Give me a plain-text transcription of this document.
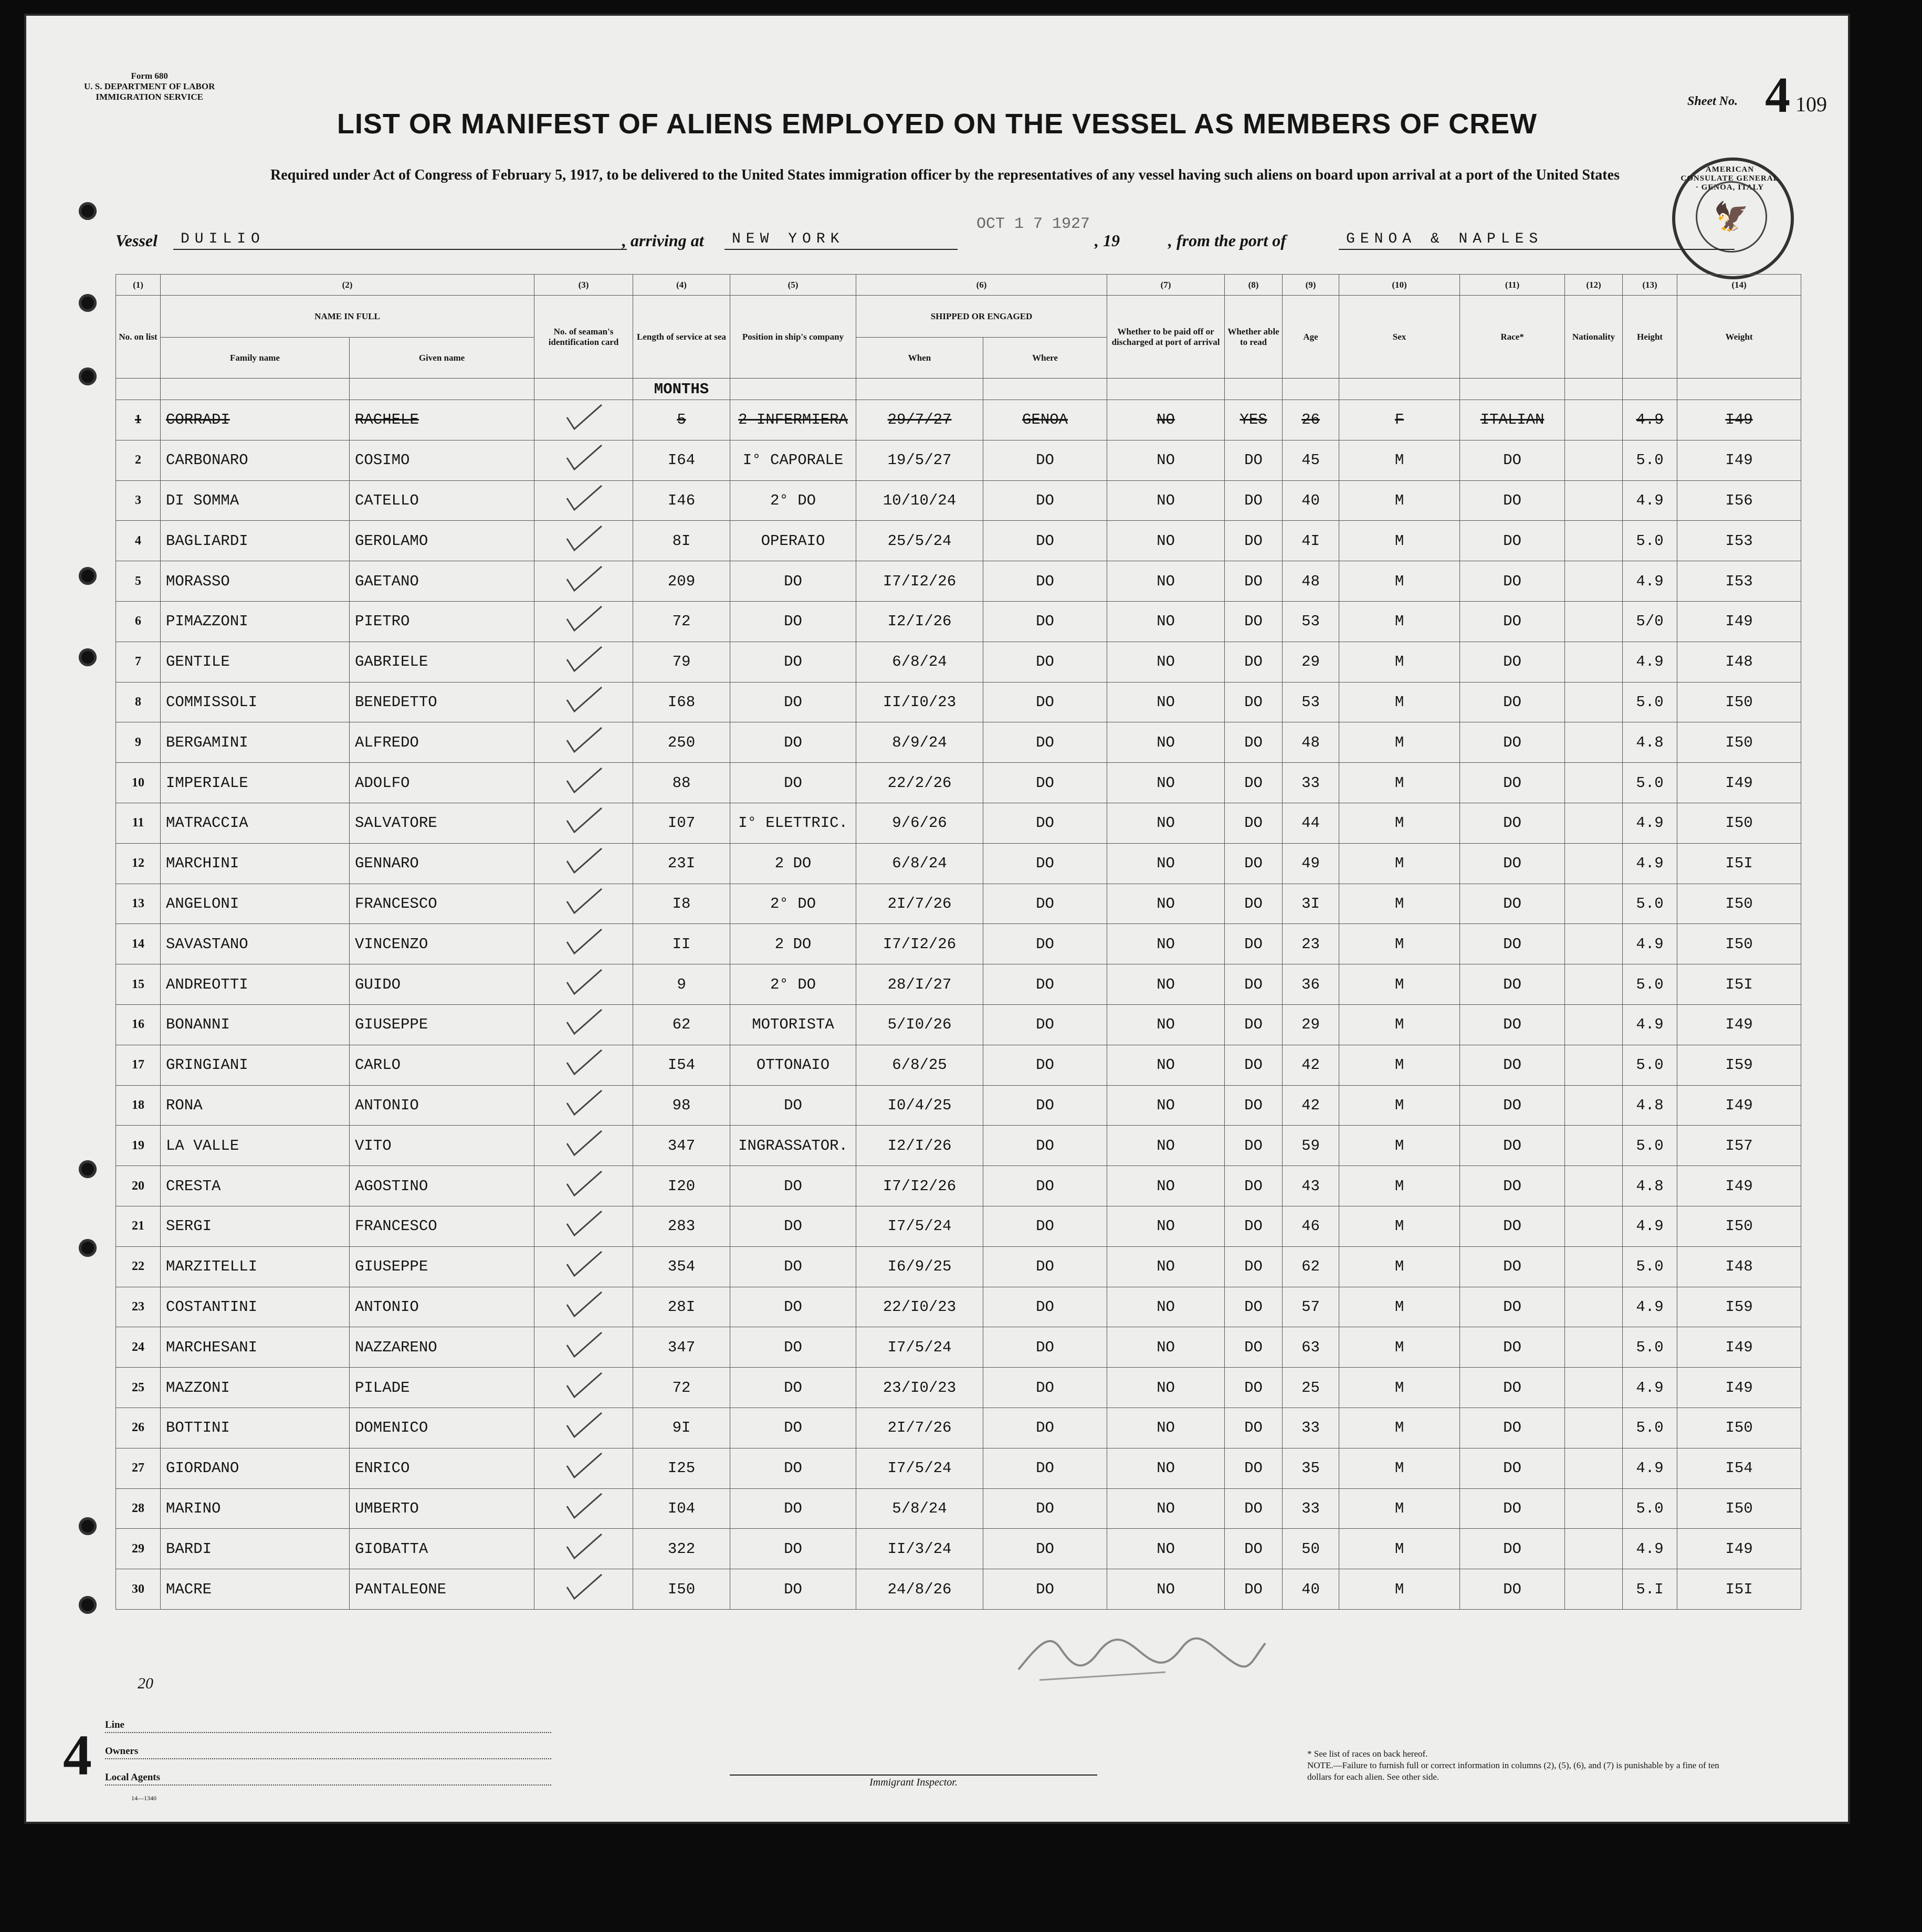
Form 680
U. S. DEPARTMENT OF LABOR
IMMIGRATION SERVICE	Sheet No. 4 109
LIST OR MANIFEST OF ALIENS EMPLOYED ON THE VESSEL AS MEMBERS OF CREW
Required under Act of Congress of February 5, 1917, to be delivered to the United States immigration officer by the representatives of any vessel having such aliens on board upon arrival at a port of the United States	AMERICAN CONSULATE GENERAL · GENOA, ITALY
🦅
OCT 1 7 1927
Vessel	DUILIO	, arriving at	NEW YORK	, 19	, from the port of	GENOA & NAPLES
(1)	(2)		(3)	(4)	(5)	(6)		(7)	(8)	(9)	(10)	(11)	(12)	(13)	(14)	
No. on list	NAME IN FULL		No. of seaman's identification card	Length of service at sea	Position in ship's company	SHIPPED OR ENGAGED		Whether to be paid off or discharged at port of arrival	Whether able to read	Age	Sex	Race*	Nationality	Height	Weight	
	Family name	Given name				When	Where									
				MONTHS												
1	CORRADI	RACHELE		5	2 INFERMIERA	29/7/27	GENOA	NO	YES	26	F	ITALIAN		4.9	I49	
2	CARBONARO	COSIMO		I64	I° CAPORALE	19/5/27	DO	NO	DO	45	M	DO		5.0	I49	
3	DI SOMMA	CATELLO		I46	2° DO	10/10/24	DO	NO	DO	40	M	DO		4.9	I56	
4	BAGLIARDI	GEROLAMO		8I	OPERAIO	25/5/24	DO	NO	DO	4I	M	DO		5.0	I53	
5	MORASSO	GAETANO		209	DO	I7/I2/26	DO	NO	DO	48	M	DO		4.9	I53	
6	PIMAZZONI	PIETRO		72	DO	I2/I/26	DO	NO	DO	53	M	DO		5/0	I49	
7	GENTILE	GABRIELE		79	DO	6/8/24	DO	NO	DO	29	M	DO		4.9	I48	
8	COMMISSOLI	BENEDETTO		I68	DO	II/I0/23	DO	NO	DO	53	M	DO		5.0	I50	
9	BERGAMINI	ALFREDO		250	DO	8/9/24	DO	NO	DO	48	M	DO		4.8	I50	
10	IMPERIALE	ADOLFO		88	DO	22/2/26	DO	NO	DO	33	M	DO		5.0	I49	
11	MATRACCIA	SALVATORE		I07	I° ELETTRIC.	9/6/26	DO	NO	DO	44	M	DO		4.9	I50	
12	MARCHINI	GENNARO		23I	2 DO	6/8/24	DO	NO	DO	49	M	DO		4.9	I5I	
13	ANGELONI	FRANCESCO		I8	2° DO	2I/7/26	DO	NO	DO	3I	M	DO		5.0	I50	
14	SAVASTANO	VINCENZO		II	2 DO	I7/I2/26	DO	NO	DO	23	M	DO		4.9	I50	
15	ANDREOTTI	GUIDO		9	2° DO	28/I/27	DO	NO	DO	36	M	DO		5.0	I5I	
16	BONANNI	GIUSEPPE		62	MOTORISTA	5/I0/26	DO	NO	DO	29	M	DO		4.9	I49	
17	GRINGIANI	CARLO		I54	OTTONAIO	6/8/25	DO	NO	DO	42	M	DO		5.0	I59	
18	RONA	ANTONIO		98	DO	I0/4/25	DO	NO	DO	42	M	DO		4.8	I49	
19	LA VALLE	VITO		347	INGRASSATOR.	I2/I/26	DO	NO	DO	59	M	DO		5.0	I57	
20	CRESTA	AGOSTINO		I20	DO	I7/I2/26	DO	NO	DO	43	M	DO		4.8	I49	
21	SERGI	FRANCESCO		283	DO	I7/5/24	DO	NO	DO	46	M	DO		4.9	I50	
22	MARZITELLI	GIUSEPPE		354	DO	I6/9/25	DO	NO	DO	62	M	DO		5.0	I48	
23	COSTANTINI	ANTONIO		28I	DO	22/I0/23	DO	NO	DO	57	M	DO		4.9	I59	
24	MARCHESANI	NAZZARENO		347	DO	I7/5/24	DO	NO	DO	63	M	DO		5.0	I49	
25	MAZZONI	PILADE		72	DO	23/I0/23	DO	NO	DO	25	M	DO		4.9	I49	
26	BOTTINI	DOMENICO		9I	DO	2I/7/26	DO	NO	DO	33	M	DO		5.0	I50	
27	GIORDANO	ENRICO		I25	DO	I7/5/24	DO	NO	DO	35	M	DO		4.9	I54	
28	MARINO	UMBERTO		I04	DO	5/8/24	DO	NO	DO	33	M	DO		5.0	I50	
29	BARDI	GIOBATTA		322	DO	II/3/24	DO	NO	DO	50	M	DO		4.9	I49	
30	MACRE	PANTALEONE		I50	DO	24/8/26	DO	NO	DO	40	M	DO		5.I	I5I	
20
4 Line
Owners
Local Agents
14—1340
Immigrant Inspector.
* See list of races on back hereof.
NOTE.—Failure to furnish full or correct information in columns (2), (5), (6), and (7) is punishable by a fine of ten dollars for each alien. See other side.
